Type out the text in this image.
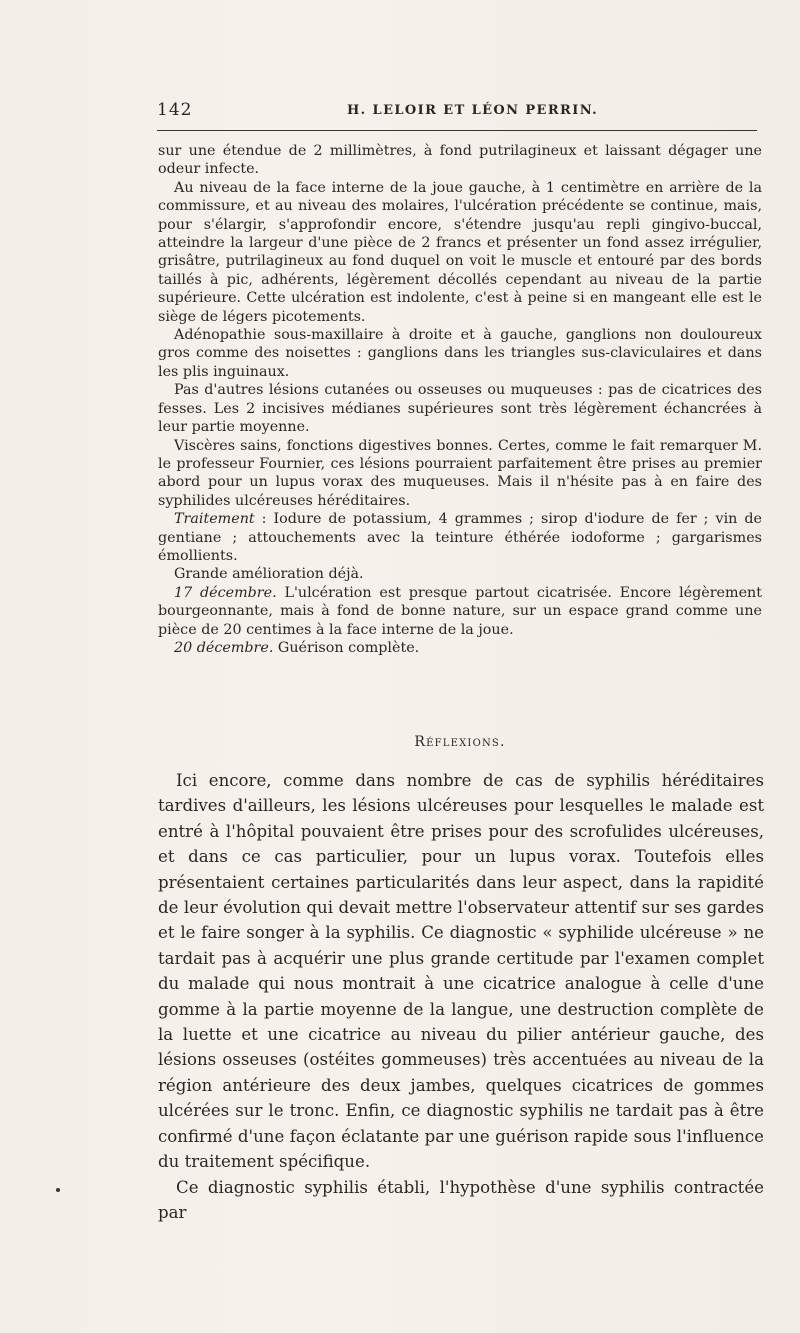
142	H. LELOIR ET LÉON PERRIN.

sur une étendue de 2 millimètres, à fond putrilagineux et laissant dégager une odeur infecte.

Au niveau de la face interne de la joue gauche, à 1 centimètre en arrière de la commissure, et au niveau des molaires, l'ulcération précédente se continue, mais, pour s'élargir, s'approfondir encore, s'étendre jusqu'au repli gingivo-buccal, atteindre la largeur d'une pièce de 2 francs et présenter un fond assez irrégulier, grisâtre, putrilagineux au fond duquel on voit le muscle et entouré par des bords taillés à pic, adhérents, légèrement décollés cependant au niveau de la partie supérieure. Cette ulcération est indolente, c'est à peine si en mangeant elle est le siège de légers picotements.

Adénopathie sous-maxillaire à droite et à gauche, ganglions non douloureux gros comme des noisettes : ganglions dans les triangles sus-claviculaires et dans les plis inguinaux.

Pas d'autres lésions cutanées ou osseuses ou muqueuses : pas de cicatrices des fesses. Les 2 incisives médianes supérieures sont très légèrement échancrées à leur partie moyenne.

Viscères sains, fonctions digestives bonnes. Certes, comme le fait remarquer M. le professeur Fournier, ces lésions pourraient parfaitement être prises au premier abord pour un lupus vorax des muqueuses. Mais il n'hésite pas à en faire des syphilides ulcéreuses héréditaires.

Traitement : Iodure de potassium, 4 grammes ; sirop d'iodure de fer ; vin de gentiane ; attouchements avec la teinture éthérée iodoforme ; gargarismes émollients.

Grande amélioration déjà.

17 décembre. L'ulcération est presque partout cicatrisée. Encore légèrement bourgeonnante, mais à fond de bonne nature, sur un espace grand comme une pièce de 20 centimes à la face interne de la joue.

20 décembre. Guérison complète.

Réflexions.

Ici encore, comme dans nombre de cas de syphilis héréditaires tardives d'ailleurs, les lésions ulcéreuses pour lesquelles le malade est entré à l'hôpital pouvaient être prises pour des scrofulides ulcéreuses, et dans ce cas particulier, pour un lupus vorax. Toutefois elles présentaient certaines particularités dans leur aspect, dans la rapidité de leur évolution qui devait mettre l'observateur attentif sur ses gardes et le faire songer à la syphilis. Ce diagnostic « syphilide ulcéreuse » ne tardait pas à acquérir une plus grande certitude par l'examen complet du malade qui nous montrait à une cicatrice analogue à celle d'une gomme à la partie moyenne de la langue, une destruction complète de la luette et une cicatrice au niveau du pilier antérieur gauche, des lésions osseuses (ostéites gommeuses) très accentuées au niveau de la région antérieure des deux jambes, quelques cicatrices de gommes ulcérées sur le tronc. Enfin, ce diagnostic syphilis ne tardait pas à être confirmé d'une façon éclatante par une guérison rapide sous l'influence du traitement spécifique.

Ce diagnostic syphilis établi, l'hypothèse d'une syphilis contractée par
